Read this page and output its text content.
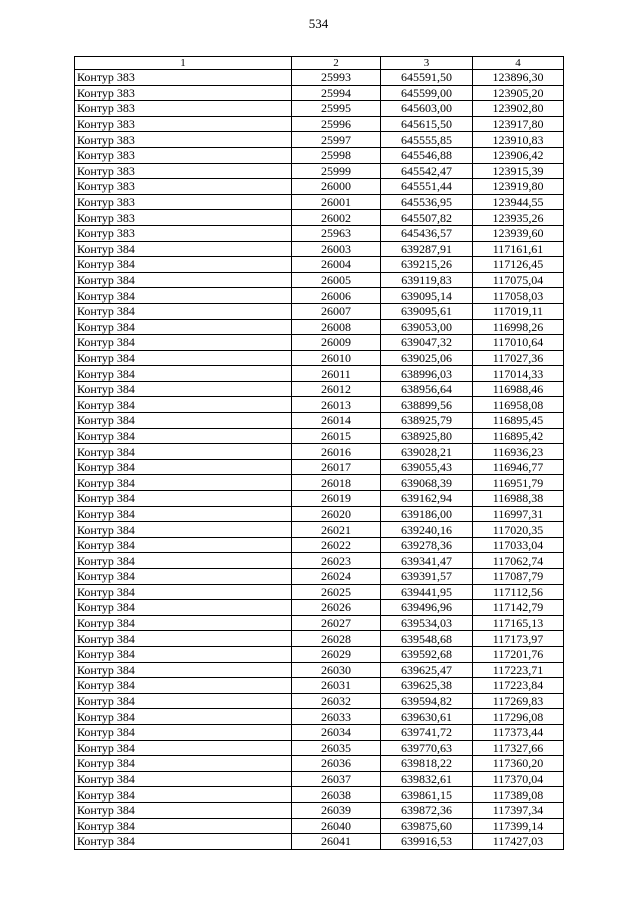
534
1	2	3	4
Контур 383	25993	645591,50	123896,30
Контур 383	25994	645599,00	123905,20
Контур 383	25995	645603,00	123902,80
Контур 383	25996	645615,50	123917,80
Контур 383	25997	645555,85	123910,83
Контур 383	25998	645546,88	123906,42
Контур 383	25999	645542,47	123915,39
Контур 383	26000	645551,44	123919,80
Контур 383	26001	645536,95	123944,55
Контур 383	26002	645507,82	123935,26
Контур 383	25963	645436,57	123939,60
Контур 384	26003	639287,91	117161,61
Контур 384	26004	639215,26	117126,45
Контур 384	26005	639119,83	117075,04
Контур 384	26006	639095,14	117058,03
Контур 384	26007	639095,61	117019,11
Контур 384	26008	639053,00	116998,26
Контур 384	26009	639047,32	117010,64
Контур 384	26010	639025,06	117027,36
Контур 384	26011	638996,03	117014,33
Контур 384	26012	638956,64	116988,46
Контур 384	26013	638899,56	116958,08
Контур 384	26014	638925,79	116895,45
Контур 384	26015	638925,80	116895,42
Контур 384	26016	639028,21	116936,23
Контур 384	26017	639055,43	116946,77
Контур 384	26018	639068,39	116951,79
Контур 384	26019	639162,94	116988,38
Контур 384	26020	639186,00	116997,31
Контур 384	26021	639240,16	117020,35
Контур 384	26022	639278,36	117033,04
Контур 384	26023	639341,47	117062,74
Контур 384	26024	639391,57	117087,79
Контур 384	26025	639441,95	117112,56
Контур 384	26026	639496,96	117142,79
Контур 384	26027	639534,03	117165,13
Контур 384	26028	639548,68	117173,97
Контур 384	26029	639592,68	117201,76
Контур 384	26030	639625,47	117223,71
Контур 384	26031	639625,38	117223,84
Контур 384	26032	639594,82	117269,83
Контур 384	26033	639630,61	117296,08
Контур 384	26034	639741,72	117373,44
Контур 384	26035	639770,63	117327,66
Контур 384	26036	639818,22	117360,20
Контур 384	26037	639832,61	117370,04
Контур 384	26038	639861,15	117389,08
Контур 384	26039	639872,36	117397,34
Контур 384	26040	639875,60	117399,14
Контур 384	26041	639916,53	117427,03
